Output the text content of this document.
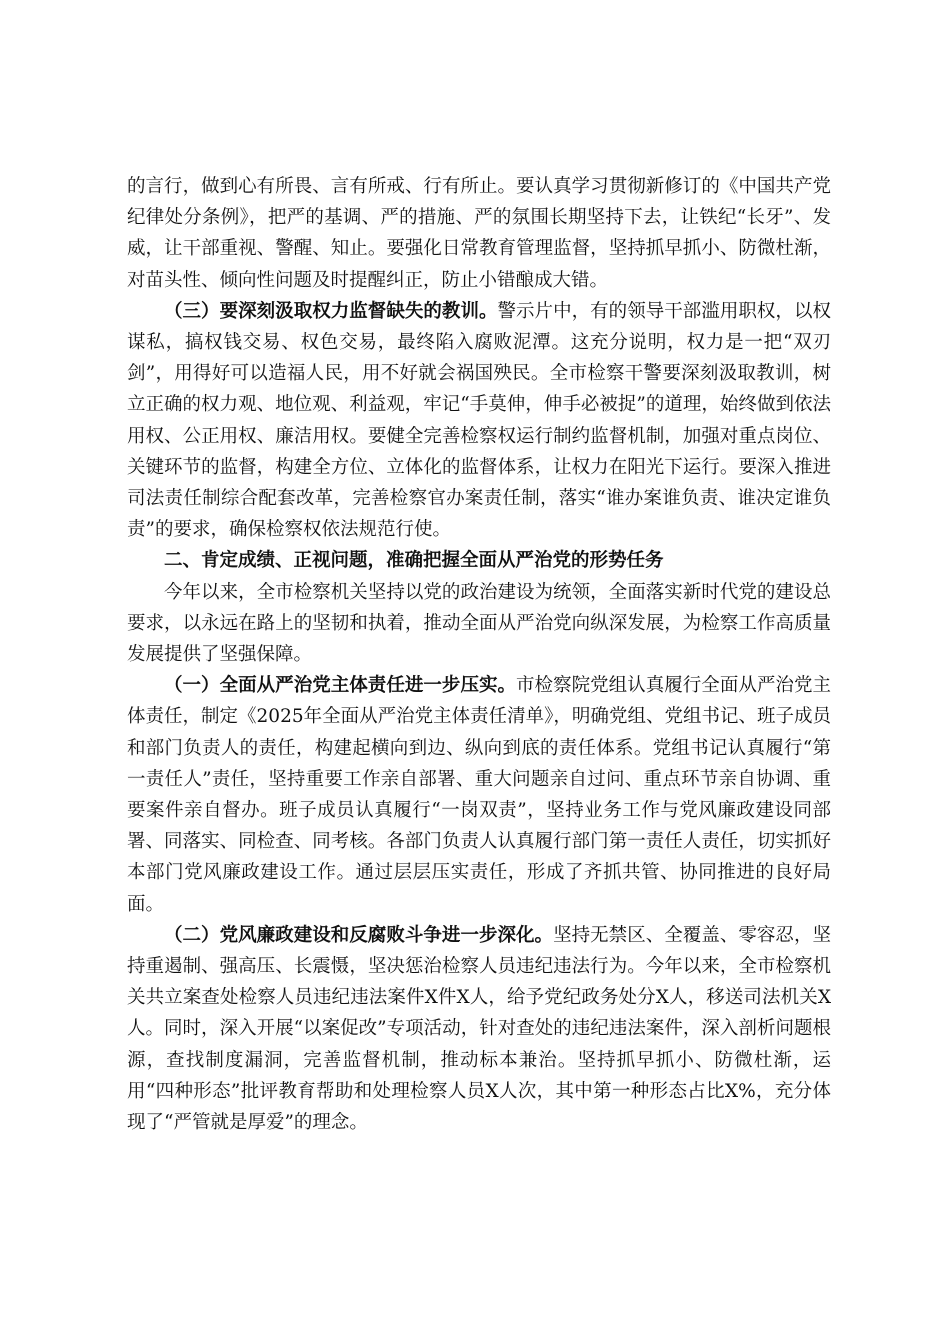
的言行，做到心有所畏、言有所戒、行有所止。要认真学习贯彻新修订的《中国共产党纪律处分条例》，把严的基调、严的措施、严的氛围长期坚持下去，让铁纪“长牙”、发威，让干部重视、警醒、知止。要强化日常教育管理监督，坚持抓早抓小、防微杜渐，对苗头性、倾向性问题及时提醒纠正，防止小错酿成大错。

（三）要深刻汲取权力监督缺失的教训。警示片中，有的领导干部滥用职权，以权谋私，搞权钱交易、权色交易，最终陷入腐败泥潭。这充分说明，权力是一把“双刃剑”，用得好可以造福人民，用不好就会祸国殃民。全市检察干警要深刻汲取教训，树立正确的权力观、地位观、利益观，牢记“手莫伸，伸手必被捉”的道理，始终做到依法用权、公正用权、廉洁用权。要健全完善检察权运行制约监督机制，加强对重点岗位、关键环节的监督，构建全方位、立体化的监督体系，让权力在阳光下运行。要深入推进司法责任制综合配套改革，完善检察官办案责任制，落实“谁办案谁负责、谁决定谁负责”的要求，确保检察权依法规范行使。

二、肯定成绩、正视问题，准确把握全面从严治党的形势任务

今年以来，全市检察机关坚持以党的政治建设为统领，全面落实新时代党的建设总要求，以永远在路上的坚韧和执着，推动全面从严治党向纵深发展，为检察工作高质量发展提供了坚强保障。

（一）全面从严治党主体责任进一步压实。市检察院党组认真履行全面从严治党主体责任，制定《2025年全面从严治党主体责任清单》，明确党组、党组书记、班子成员和部门负责人的责任，构建起横向到边、纵向到底的责任体系。党组书记认真履行“第一责任人”责任，坚持重要工作亲自部署、重大问题亲自过问、重点环节亲自协调、重要案件亲自督办。班子成员认真履行“一岗双责”，坚持业务工作与党风廉政建设同部署、同落实、同检查、同考核。各部门负责人认真履行部门第一责任人责任，切实抓好本部门党风廉政建设工作。通过层层压实责任，形成了齐抓共管、协同推进的良好局面。

（二）党风廉政建设和反腐败斗争进一步深化。坚持无禁区、全覆盖、零容忍，坚持重遏制、强高压、长震慑，坚决惩治检察人员违纪违法行为。今年以来，全市检察机关共立案查处检察人员违纪违法案件X件X人，给予党纪政务处分X人，移送司法机关X人。同时，深入开展“以案促改”专项活动，针对查处的违纪违法案件，深入剖析问题根源，查找制度漏洞，完善监督机制，推动标本兼治。坚持抓早抓小、防微杜渐，运用“四种形态”批评教育帮助和处理检察人员X人次，其中第一种形态占比X%，充分体现了“严管就是厚爱”的理念。
